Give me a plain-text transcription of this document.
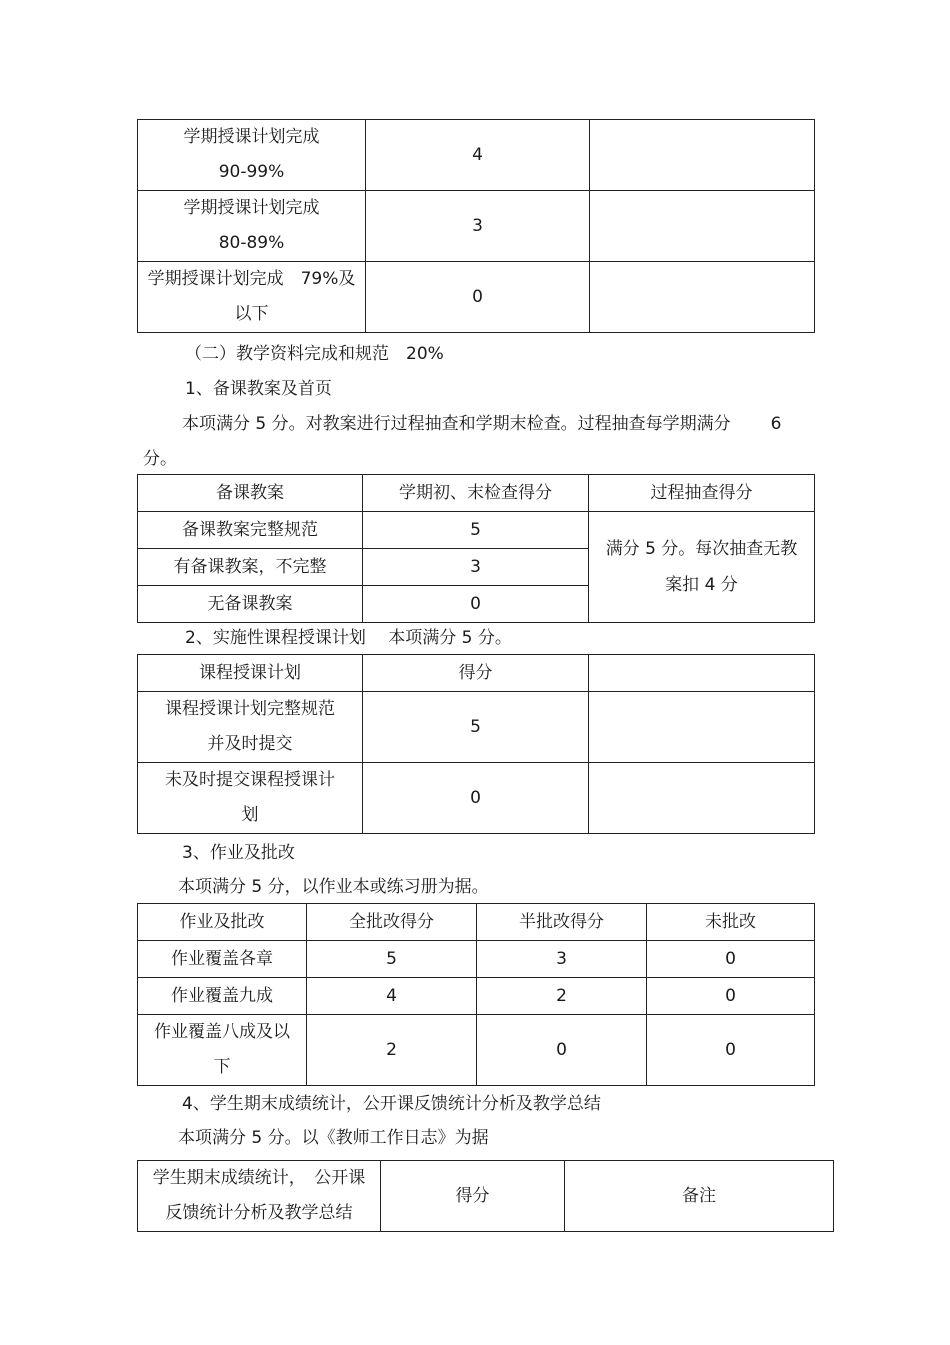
学期授课计划完成
90-99%	4	
学期授课计划完成
80-89%	3	
学期授课计划完成　79%及
以下	0	
（二）教学资料完成和规范　20%
1、备课教案及首页
本项满分 5 分。对教案进行过程抽查和学期末检查。过程抽查每学期满分 6
分。
备课教案	学期初、末检查得分	过程抽查得分
备课教案完整规范	5	满分 5 分。每次抽查无教
案扣 4 分
有备课教案，不完整	3	
无备课教案	0	
2、实施性课程授课计划　 本项满分 5 分。
课程授课计划	得分	
课程授课计划完整规范
并及时提交	5	
未及时提交课程授课计
划	0	
3、作业及批改
本项满分 5 分，以作业本或练习册为据。
作业及批改	全批改得分	半批改得分	未批改
作业覆盖各章	5	3	0
作业覆盖九成	4	2	0
作业覆盖八成及以
下	2	0	0
4、学生期末成绩统计，公开课反馈统计分析及教学总结
本项满分 5 分。以《教师工作日志》为据
学生期末成绩统计，　公开课
反馈统计分析及教学总结	得分	备注
